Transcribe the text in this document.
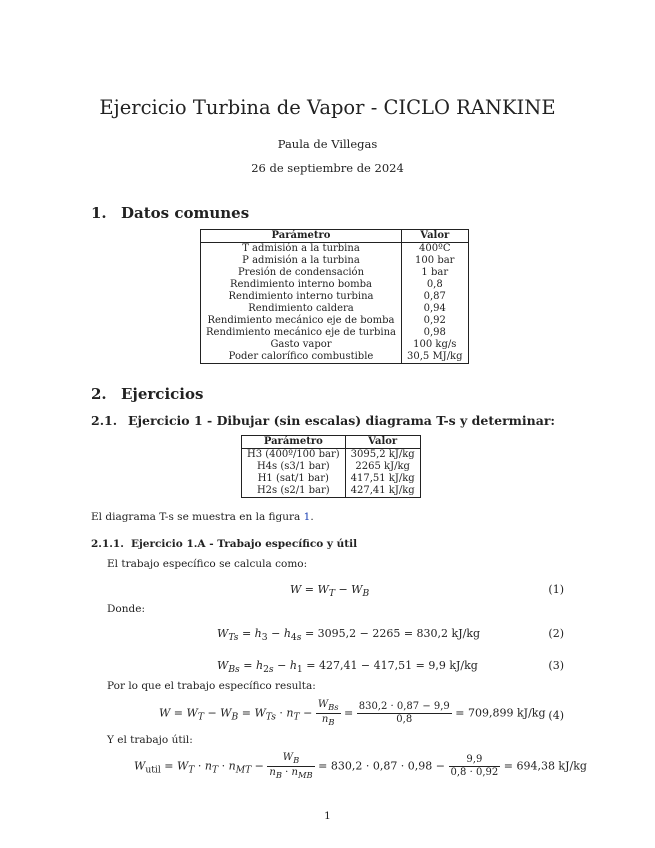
Ejercicio Turbina de Vapor - CICLO RANKINE
Paula de Villegas
26 de septiembre de 2024
1. Datos comunes
Parámetro	Valor
T admisión a la turbina	400ºC
P admisión a la turbina	100 bar
Presión de condensación	1 bar
Rendimiento interno bomba	0,8
Rendimiento interno turbina	0,87
Rendimiento caldera	0,94
Rendimiento mecánico eje de bomba	0,92
Rendimiento mecánico eje de turbina	0,98
Gasto vapor	100 kg/s
Poder calorífico combustible	30,5 MJ/kg
2. Ejercicios
2.1. Ejercicio 1 - Dibujar (sin escalas) diagrama T-s y determinar:
Parámetro	Valor
H3 (400º/100 bar)	3095,2 kJ/kg
H4s (s3/1 bar)	2265 kJ/kg
H1 (sat/1 bar)	417,51 kJ/kg
H2s (s2/1 bar)	427,41 kJ/kg
El diagrama T-s se muestra en la figura 1.
2.1.1. Ejercicio 1.A - Trabajo específico y útil
El trabajo específico se calcula como:
$W = W_T - W_B$	(1)
Donde:
$W_{Ts} = h_3 - h_{4s} = 3095,2 - 2265 = 830,2$ kJ/kg	(2)
$W_{Bs} = h_{2s} - h_1 = 427,41 - 417,51 = 9,9$ kJ/kg	(3)
Por lo que el trabajo específico resulta:
$W = W_T - W_B = W_{Ts} \cdot n_T - \frac{W_{Bs}}{n_B} = \frac{830,2 \cdot 0,87 - 9,9}{0,8} = 709,899$ kJ/kg (4)
Y el trabajo útil:
$W_{util} = W_T \cdot n_T \cdot n_{MT} - \frac{W_B}{n_B \cdot n_{MB}} = 830,2 \cdot 0,87 \cdot 0,98 - \frac{9,9}{0,8 \cdot 0,92} = 694,38$ kJ/kg
1
